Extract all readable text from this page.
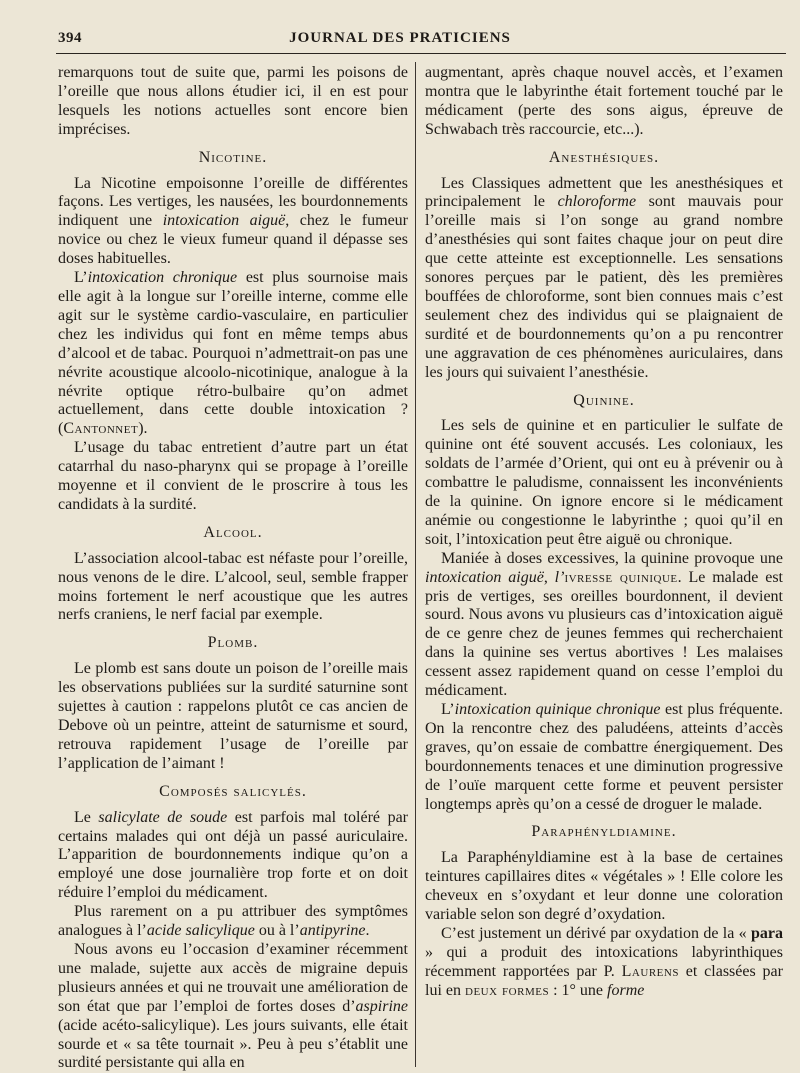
394	JOURNAL DES PRATICIENS

remarquons tout de suite que, parmi les poisons de l’oreille que nous allons étudier ici, il en est pour lesquels les notions actuelles sont encore bien imprécises.

Nicotine.

La Nicotine empoisonne l’oreille de différentes façons. Les vertiges, les nausées, les bourdonnements indiquent une intoxication aiguë, chez le fumeur novice ou chez le vieux fumeur quand il dépasse ses doses habituelles.

L’intoxication chronique est plus sournoise mais elle agit à la longue sur l’oreille interne, comme elle agit sur le système cardio-vasculaire, en particulier chez les individus qui font en même temps abus d’alcool et de tabac. Pourquoi n’admettrait-on pas une névrite acoustique alcoolo-nicotinique, analogue à la névrite optique rétro-bulbaire qu’on admet actuellement, dans cette double intoxication ? (Cantonnet).

L’usage du tabac entretient d’autre part un état catarrhal du naso-pharynx qui se propage à l’oreille moyenne et il convient de le proscrire à tous les candidats à la surdité.

Alcool.

L’association alcool-tabac est néfaste pour l’oreille, nous venons de le dire. L’alcool, seul, semble frapper moins fortement le nerf acoustique que les autres nerfs craniens, le nerf facial par exemple.

Plomb.

Le plomb est sans doute un poison de l’oreille mais les observations publiées sur la surdité saturnine sont sujettes à caution : rappelons plutôt ce cas ancien de Debove où un peintre, atteint de saturnisme et sourd, retrouva rapidement l’usage de l’oreille par l’application de l’aimant !

Composés salicylés.

Le salicylate de soude est parfois mal toléré par certains malades qui ont déjà un passé auriculaire. L’apparition de bourdonnements indique qu’on a employé une dose journalière trop forte et on doit réduire l’emploi du médicament.

Plus rarement on a pu attribuer des symptômes analogues à l’acide salicylique ou à l’antipyrine.

Nous avons eu l’occasion d’examiner récemment une malade, sujette aux accès de migraine depuis plusieurs années et qui ne trouvait une amélioration de son état que par l’emploi de fortes doses d’aspirine (acide acéto-salicylique). Les jours suivants, elle était sourde et « sa tête tournait ». Peu à peu s’établit une surdité persistante qui alla en

augmentant, après chaque nouvel accès, et l’examen montra que le labyrinthe était fortement touché par le médicament (perte des sons aigus, épreuve de Schwabach très raccourcie, etc...).

Anesthésiques.

Les Classiques admettent que les anesthésiques et principalement le chloroforme sont mauvais pour l’oreille mais si l’on songe au grand nombre d’anesthésies qui sont faites chaque jour on peut dire que cette atteinte est exceptionnelle. Les sensations sonores perçues par le patient, dès les premières bouffées de chloroforme, sont bien connues mais c’est seulement chez des individus qui se plaignaient de surdité et de bourdonnements qu’on a pu rencontrer une aggravation de ces phénomènes auriculaires, dans les jours qui suivaient l’anesthésie.

Quinine.

Les sels de quinine et en particulier le sulfate de quinine ont été souvent accusés. Les coloniaux, les soldats de l’armée d’Orient, qui ont eu à prévenir ou à combattre le paludisme, connaissent les inconvénients de la quinine. On ignore encore si le médicament anémie ou congestionne le labyrinthe ; quoi qu’il en soit, l’intoxication peut être aiguë ou chronique.

Maniée à doses excessives, la quinine provoque une intoxication aiguë, l’ivresse quinique. Le malade est pris de vertiges, ses oreilles bourdonnent, il devient sourd. Nous avons vu plusieurs cas d’intoxication aiguë de ce genre chez de jeunes femmes qui recherchaient dans la quinine ses vertus abortives ! Les malaises cessent assez rapidement quand on cesse l’emploi du médicament.

L’intoxication quinique chronique est plus fréquente. On la rencontre chez des paludéens, atteints d’accès graves, qu’on essaie de combattre énergiquement. Des bourdonnements tenaces et une diminution progressive de l’ouïe marquent cette forme et peuvent persister longtemps après qu’on a cessé de droguer le malade.

Paraphényldiamine.

La Paraphényldiamine est à la base de certaines teintures capillaires dites « végétales » ! Elle colore les cheveux en s’oxydant et leur donne une coloration variable selon son degré d’oxydation.

C’est justement un dérivé par oxydation de la « para » qui a produit des intoxications labyrinthiques récemment rapportées par P. Laurens et classées par lui en deux formes : 1° une forme
